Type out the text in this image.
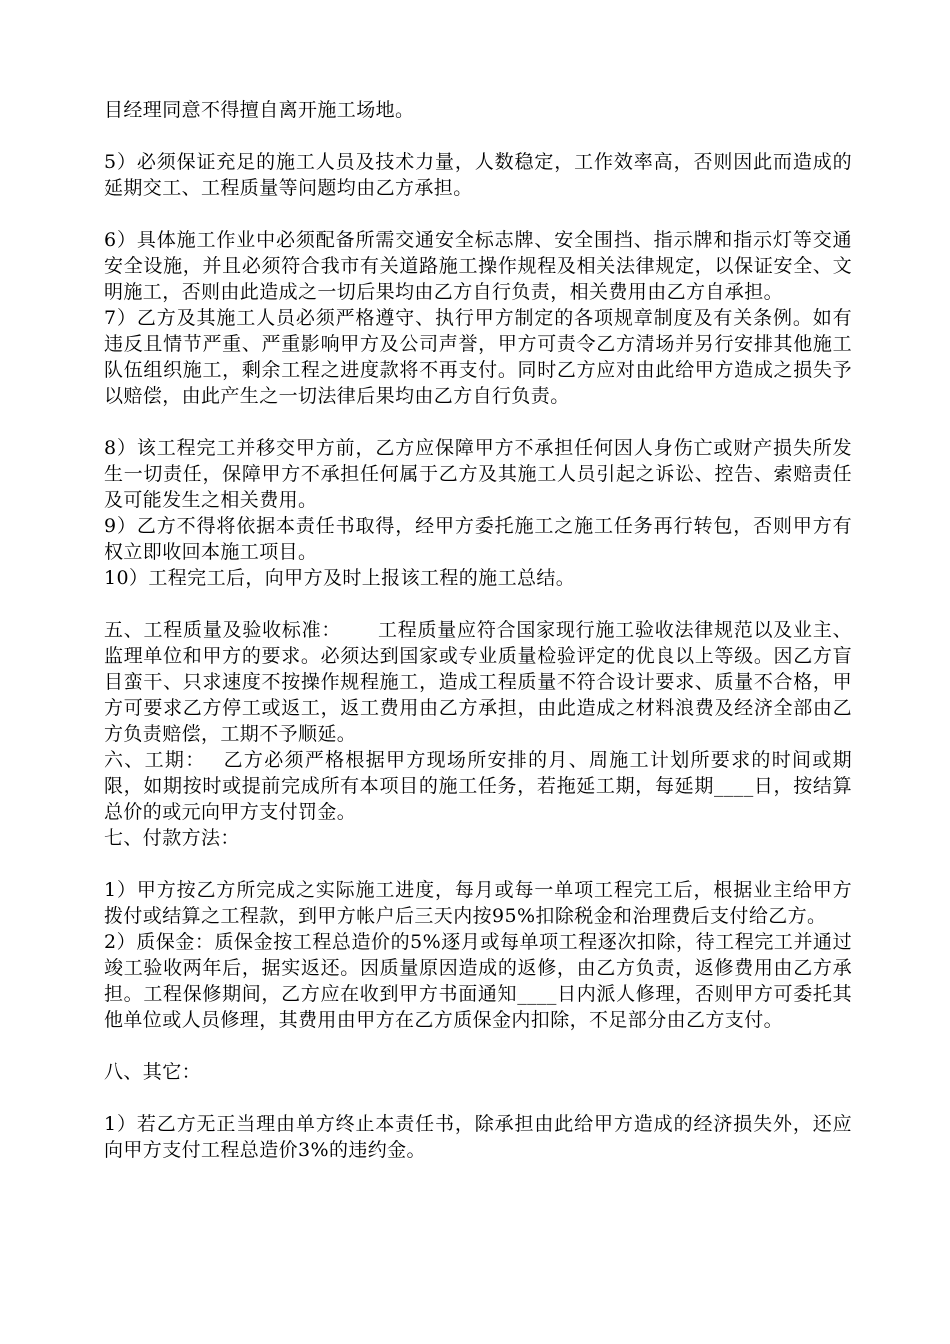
目经理同意不得擅自离开施工场地。

5）必须保证充足的施工人员及技术力量，人数稳定，工作效率高，否则因此而造成的延期交工、工程质量等问题均由乙方承担。

6）具体施工作业中必须配备所需交通安全标志牌、安全围挡、指示牌和指示灯等交通安全设施，并且必须符合我市有关道路施工操作规程及相关法律规定，以保证安全、文明施工，否则由此造成之一切后果均由乙方自行负责，相关费用由乙方自承担。

7）乙方及其施工人员必须严格遵守、执行甲方制定的各项规章制度及有关条例。如有违反且情节严重、严重影响甲方及公司声誉，甲方可责令乙方清场并另行安排其他施工队伍组织施工，剩余工程之进度款将不再支付。同时乙方应对由此给甲方造成之损失予以赔偿，由此产生之一切法律后果均由乙方自行负责。

8）该工程完工并移交甲方前，乙方应保障甲方不承担任何因人身伤亡或财产损失所发生一切责任，保障甲方不承担任何属于乙方及其施工人员引起之诉讼、控告、索赔责任及可能发生之相关费用。

9）乙方不得将依据本责任书取得，经甲方委托施工之施工任务再行转包，否则甲方有权立即收回本施工项目。

10）工程完工后，向甲方及时上报该工程的施工总结。

五、工程质量及验收标准：　　 工程质量应符合国家现行施工验收法律规范以及业主、监理单位和甲方的要求。必须达到国家或专业质量检验评定的优良以上等级。因乙方盲目蛮干、只求速度不按操作规程施工，造成工程质量不符合设计要求、质量不合格，甲方可要求乙方停工或返工，返工费用由乙方承担，由此造成之材料浪费及经济全部由乙方负责赔偿，工期不予顺延。

六、工期：　 乙方必须严格根据甲方现场所安排的月、周施工计划所要求的时间或期限，如期按时或提前完成所有本项目的施工任务，若拖延工期，每延期____日，按结算总价的或元向甲方支付罚金。

七、付款方法：

1）甲方按乙方所完成之实际施工进度，每月或每一单项工程完工后，根据业主给甲方拨付或结算之工程款，到甲方帐户后三天内按95%扣除税金和治理费后支付给乙方。

2）质保金：质保金按工程总造价的5%逐月或每单项工程逐次扣除，待工程完工并通过竣工验收两年后，据实返还。因质量原因造成的返修，由乙方负责，返修费用由乙方承担。工程保修期间，乙方应在收到甲方书面通知____日内派人修理，否则甲方可委托其他单位或人员修理，其费用由甲方在乙方质保金内扣除，不足部分由乙方支付。

八、其它：

1）若乙方无正当理由单方终止本责任书，除承担由此给甲方造成的经济损失外，还应向甲方支付工程总造价3%的违约金。
